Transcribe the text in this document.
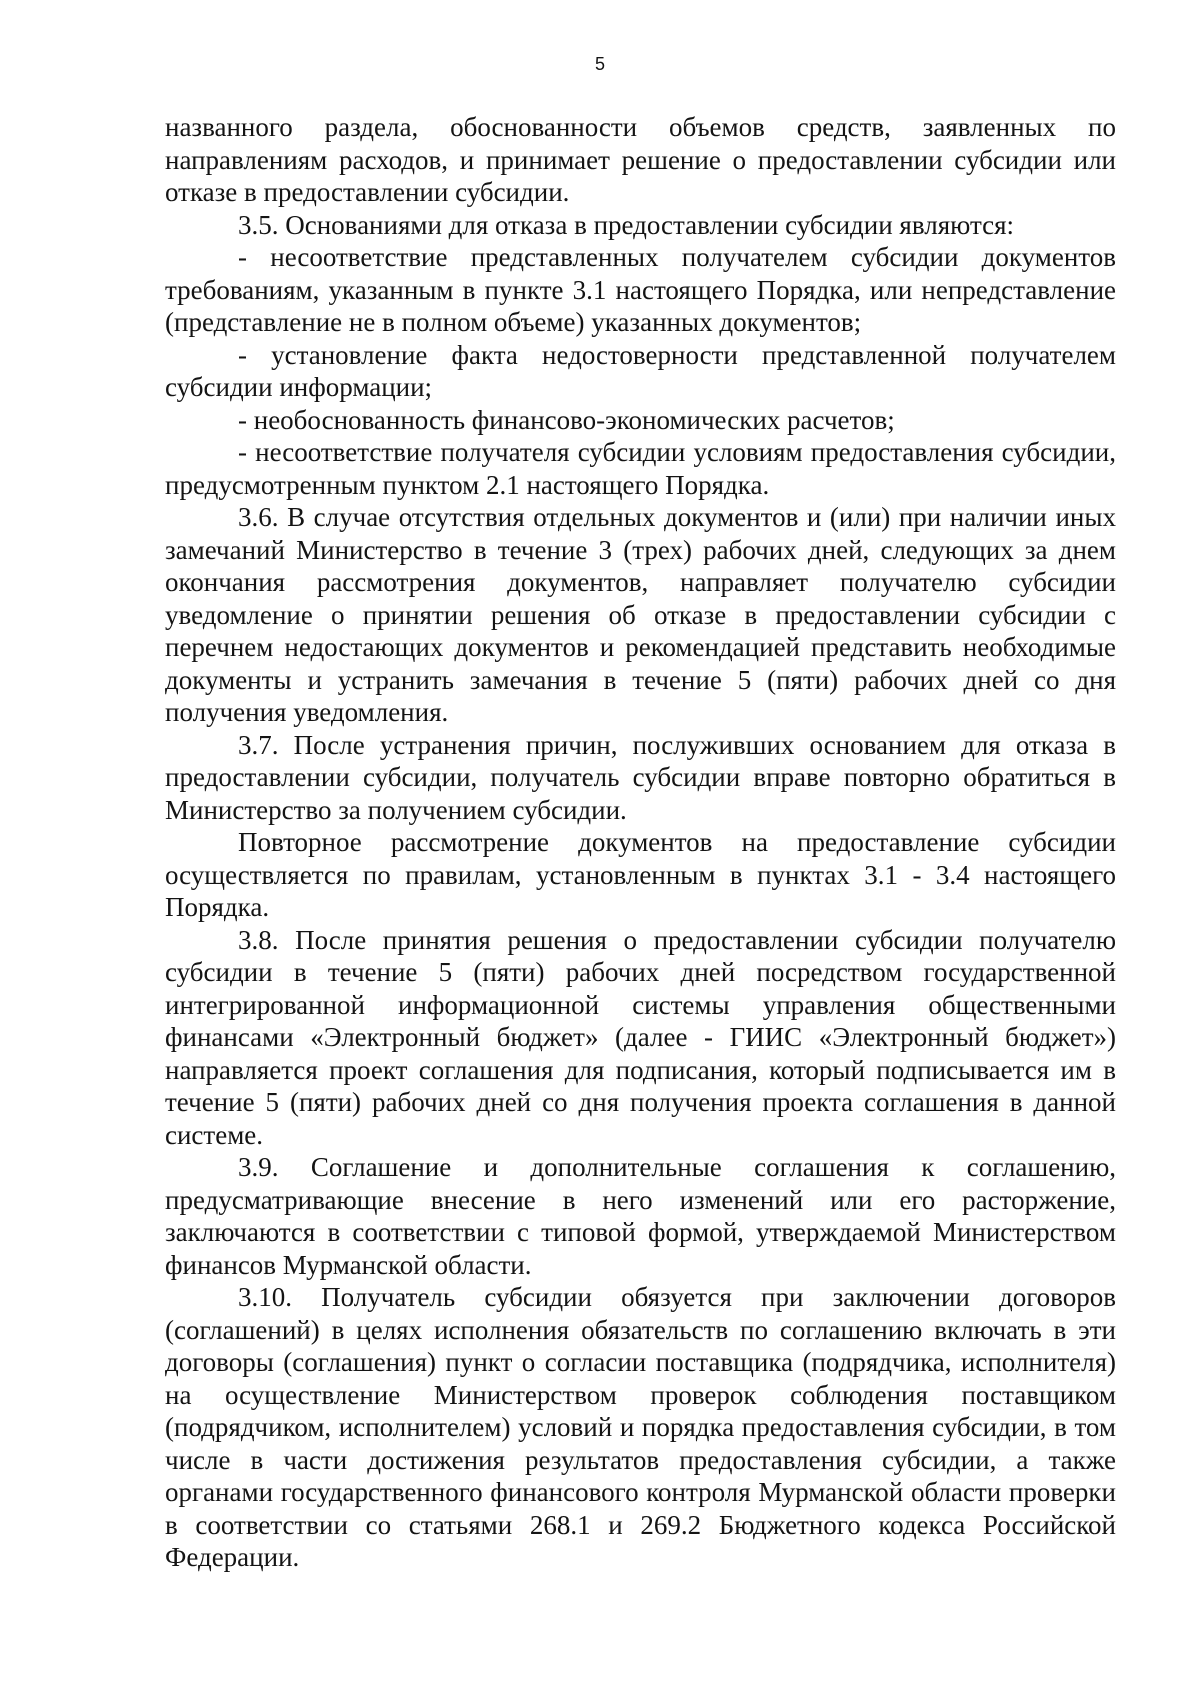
5

названного раздела, обоснованности объемов средств, заявленных по направлениям расходов, и принимает решение о предоставлении субсидии или отказе в предоставлении субсидии.

3.5. Основаниями для отказа в предоставлении субсидии являются:

- несоответствие представленных получателем субсидии документов требованиям, указанным в пункте 3.1 настоящего Порядка, или непредставление (представление не в полном объеме) указанных документов;

- установление факта недостоверности представленной получателем субсидии информации;

- необоснованность финансово-экономических расчетов;

- несоответствие получателя субсидии условиям предоставления субсидии, предусмотренным пунктом 2.1 настоящего Порядка.

3.6. В случае отсутствия отдельных документов и (или) при наличии иных замечаний Министерство в течение 3 (трех) рабочих дней, следующих за днем окончания рассмотрения документов, направляет получателю субсидии уведомление о принятии решения об отказе в предоставлении субсидии с перечнем недостающих документов и рекомендацией представить необходимые документы и устранить замечания в течение 5 (пяти) рабочих дней со дня получения уведомления.

3.7. После устранения причин, послуживших основанием для отказа в предоставлении субсидии, получатель субсидии вправе повторно обратиться в Министерство за получением субсидии.

Повторное рассмотрение документов на предоставление субсидии осуществляется по правилам, установленным в пунктах 3.1 - 3.4 настоящего Порядка.

3.8. После принятия решения о предоставлении субсидии получателю субсидии в течение 5 (пяти) рабочих дней посредством государственной интегрированной информационной системы управления общественными финансами «Электронный бюджет» (далее - ГИИС «Электронный бюджет») направляется проект соглашения для подписания, который подписывается им в течение 5 (пяти) рабочих дней со дня получения проекта соглашения в данной системе.

3.9. Соглашение и дополнительные соглашения к соглашению, предусматривающие внесение в него изменений или его расторжение, заключаются в соответствии с типовой формой, утверждаемой Министерством финансов Мурманской области.

3.10. Получатель субсидии обязуется при заключении договоров (соглашений) в целях исполнения обязательств по соглашению включать в эти договоры (соглашения) пункт о согласии поставщика (подрядчика, исполнителя) на осуществление Министерством проверок соблюдения поставщиком (подрядчиком, исполнителем) условий и порядка предоставления субсидии, в том числе в части достижения результатов предоставления субсидии, а также органами государственного финансового контроля Мурманской области проверки в соответствии со статьями 268.1 и 269.2 Бюджетного кодекса Российской Федерации.
